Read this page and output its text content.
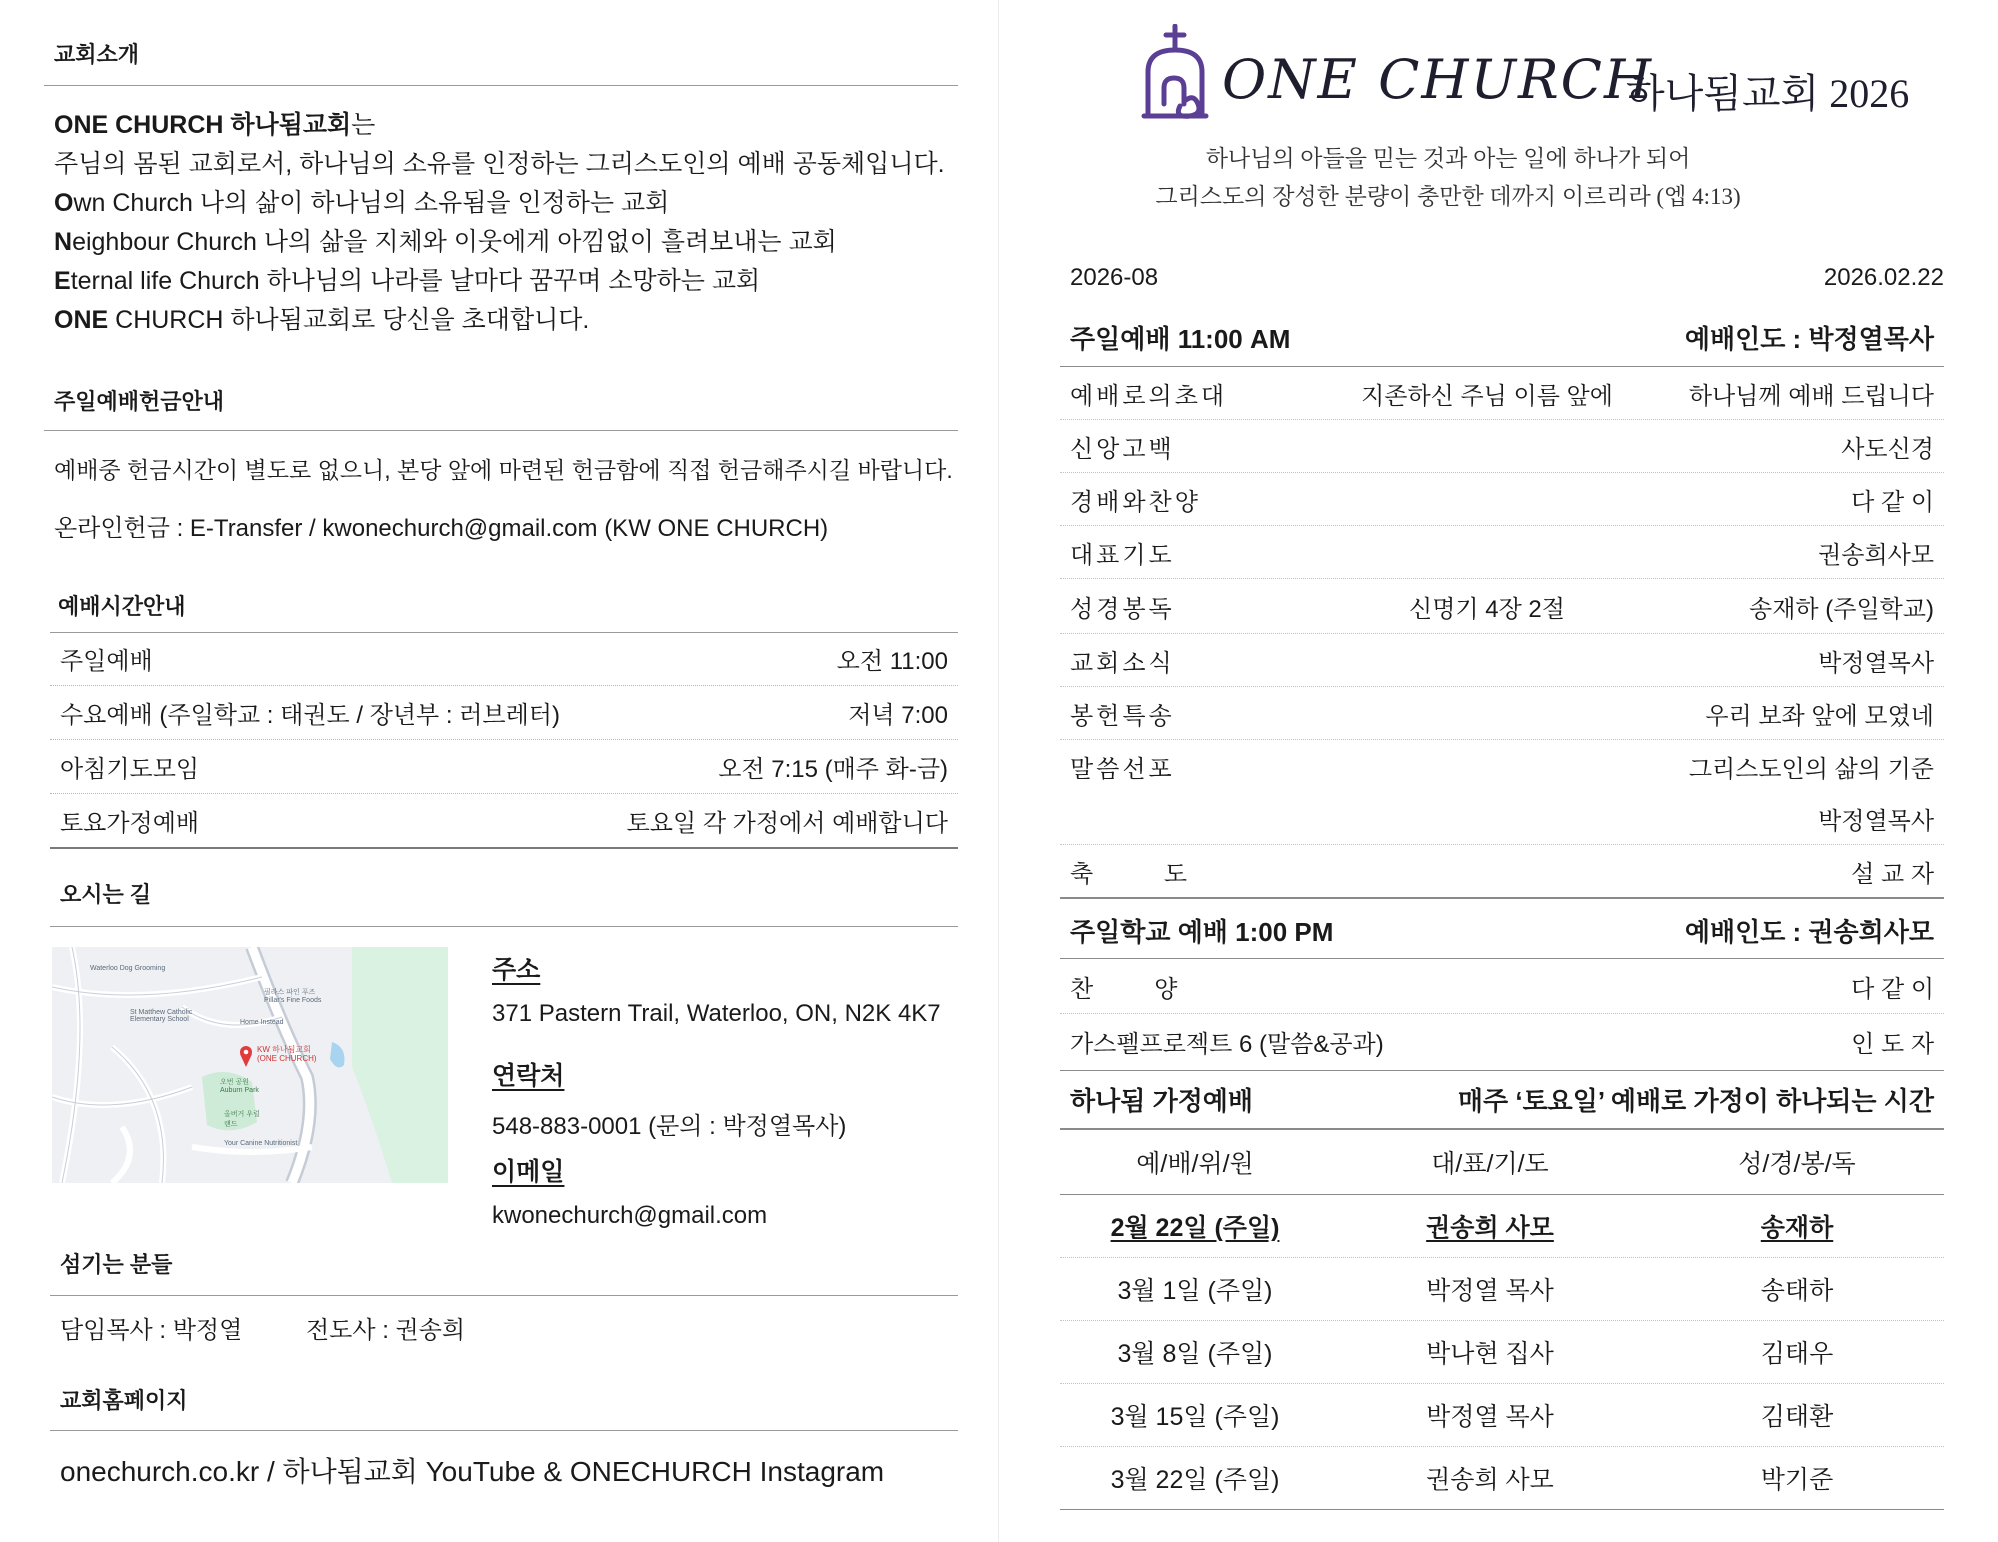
교회소개
ONE CHURCH 하나됨교회는
주님의 몸된 교회로서, 하나님의 소유를 인정하는 그리스도인의 예배 공동체입니다.
Own Church 나의 삶이 하나님의 소유됨을 인정하는 교회
Neighbour Church 나의 삶을 지체와 이웃에게 아낌없이 흘려보내는 교회
Eternal life Church 하나님의 나라를 날마다 꿈꾸며 소망하는 교회
ONE CHURCH 하나됨교회로 당신을 초대합니다.
주일예배헌금안내
예배중 헌금시간이 별도로 없으니, 본당 앞에 마련된 헌금함에 직접 헌금해주시길 바랍니다.
온라인헌금 : E-Transfer / kwonechurch@gmail.com (KW ONE CHURCH)
예배시간안내
주일예배	오전 11:00
수요예배 (주일학교 : 태권도 / 장년부 : 러브레터)	저녁 7:00
아침기도모임	오전 7:15 (매주 화-금)
토요가정예배	토요일 각 가정에서 예배합니다
오시는 길
KW 하나됨교회 (ONE CHURCH)
Waterloo Dog Grooming
St Matthew Catholic Elementary School	Home Instead
오번 공원 Auburn Park
올버거 우럴랜드
Your Canine Nutritionist
필라스 파인 푸즈 Pillar's Fine Foods
주소
371 Pastern Trail, Waterloo, ON, N2K 4K7
연락처
548-883-0001 (문의 : 박정열목사)
이메일
kwonechurch@gmail.com
섬기는 분들
담임목사 : 박정열	전도사 : 권송희
교회홈페이지
onechurch.co.kr / 하나됨교회 YouTube & ONECHURCH Instagram
ONE CHURCH
하나됨교회 2026
하나님의 아들을 믿는 것과 아는 일에 하나가 되어
그리스도의 장성한 분량이 충만한 데까지 이르리라 (엡 4:13)
2026-08	2026.02.22
주일예배 11:00 AM	예배인도 : 박정열목사
예배로의초대	지존하신 주님 이름 앞에	하나님께 예배 드립니다
신앙고백	사도신경
경배와찬양	다 같 이
대표기도	권송희사모
성경봉독	신명기 4장 2절	송재하 (주일학교)
교회소식	박정열목사
봉헌특송	우리 보좌 앞에 모였네
말씀선포	그리스도인의 삶의 기준
박정열목사
축       도	설 교 자
주일학교 예배 1:00 PM	예배인도 : 권송희사모
찬      양	다 같 이
가스펠프로젝트 6 (말씀&공과)	인 도 자
하나됨 가정예배	매주 ‘토요일’ 예배로 가정이 하나되는 시간
예/배/위/원	대/표/기/도	성/경/봉/독
2월 22일 (주일)	권송희 사모	송재하
3월 1일 (주일)	박정열 목사	송태하
3월 8일 (주일)	박나현 집사	김태우
3월 15일 (주일)	박정열 목사	김태환
3월 22일 (주일)	권송희 사모	박기준
